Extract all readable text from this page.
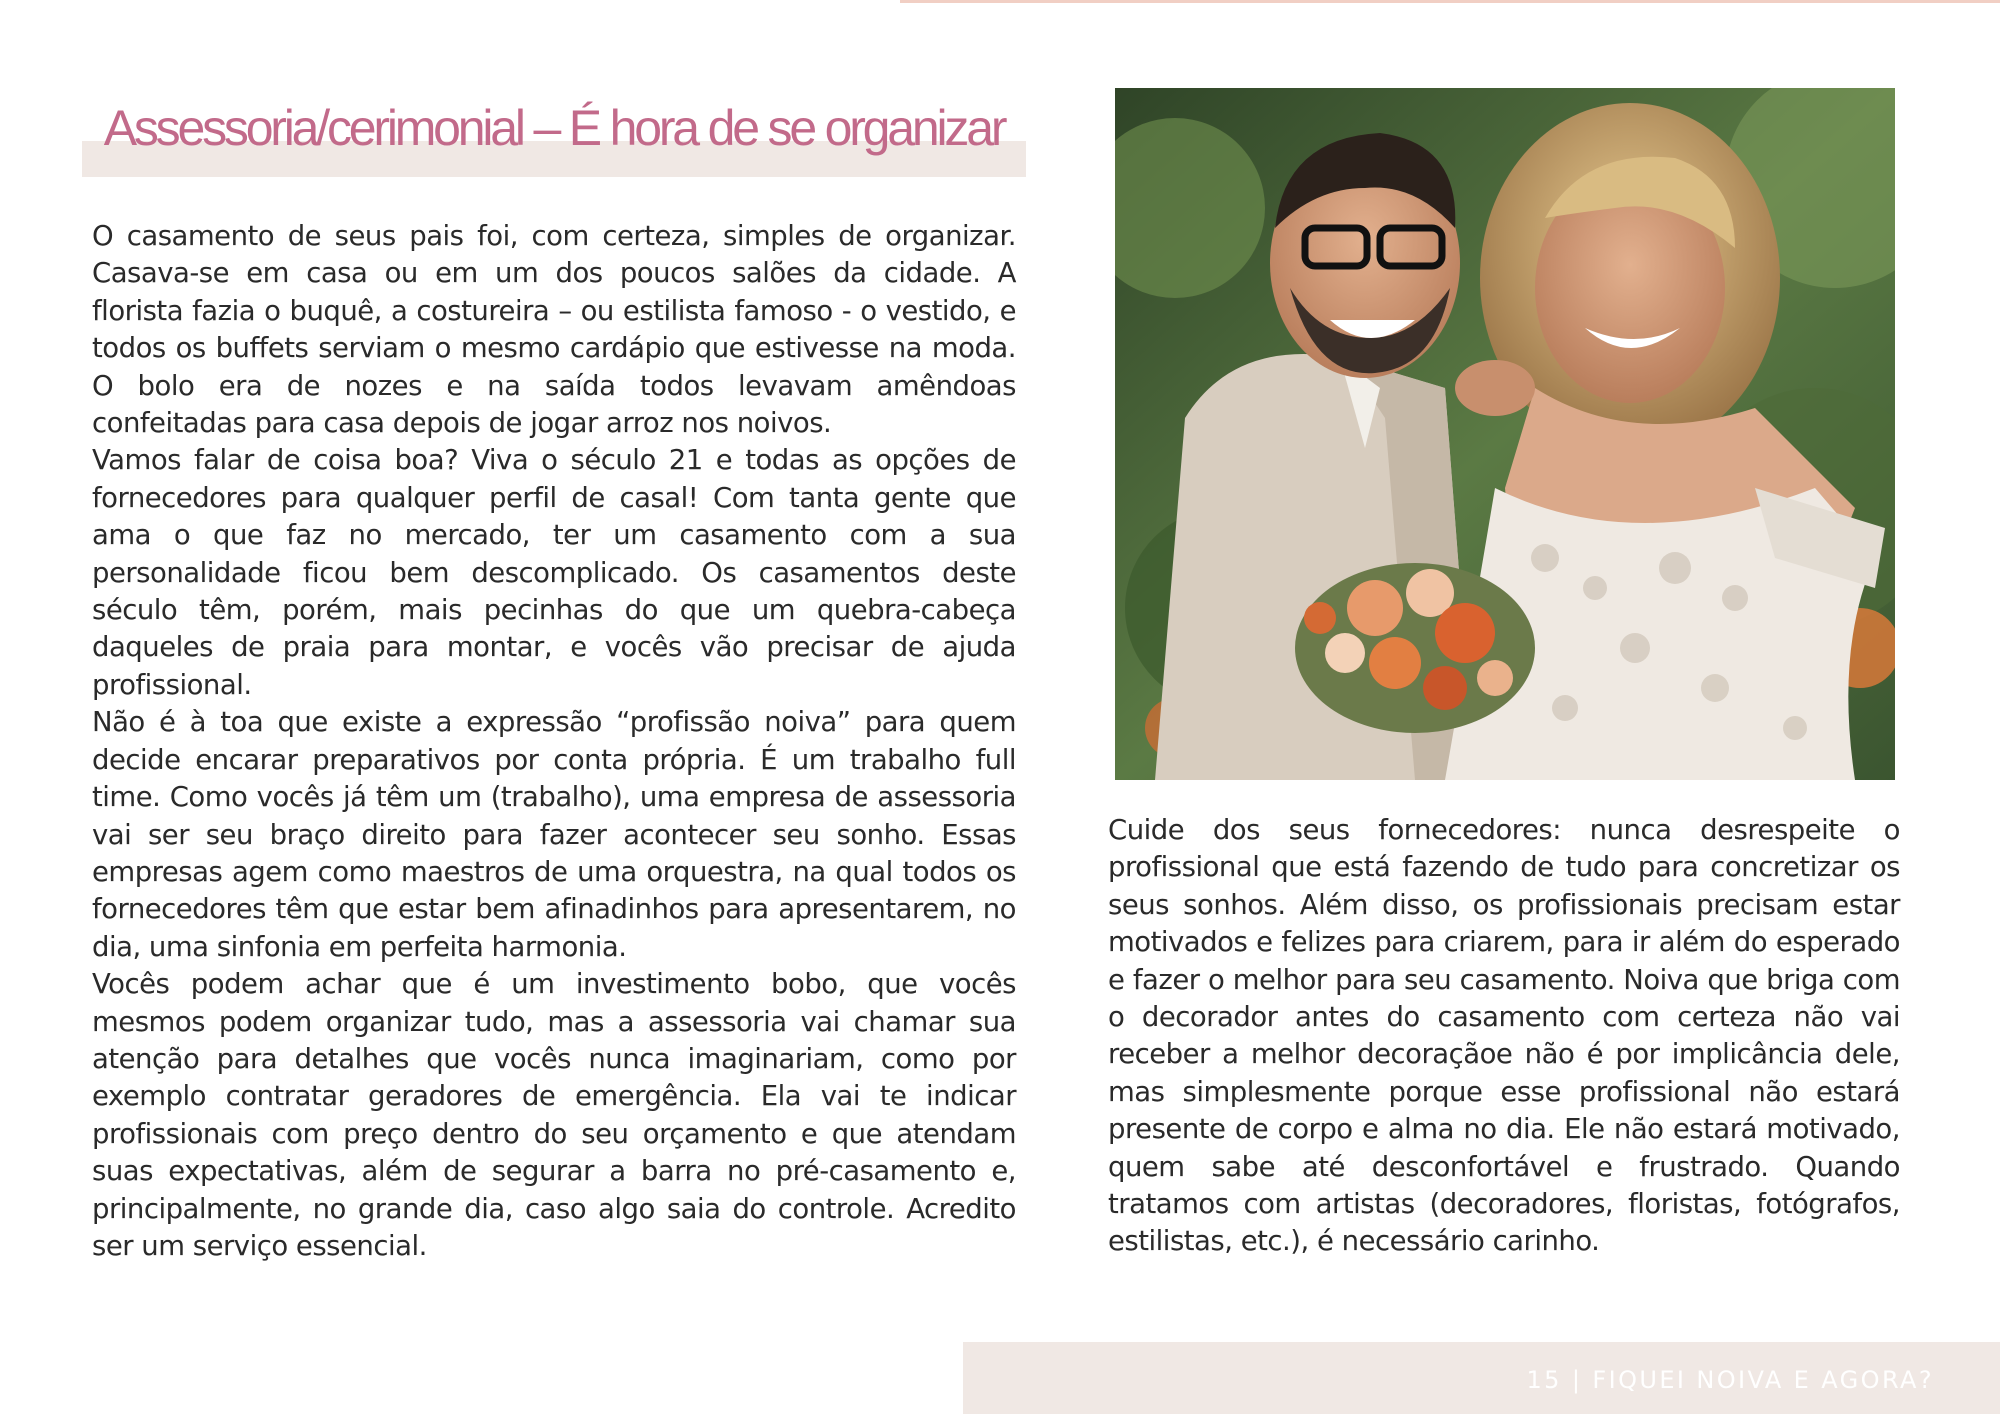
Assessoria/cerimonial – É hora de se organizar

O casamento de seus pais foi, com certeza, simples de organizar. Casava-se em casa ou em um dos poucos salões da cidade. A florista fazia o buquê, a costureira – ou estilista famoso - o vestido, e todos os buffets serviam o mesmo cardápio que estivesse na moda. O bolo era de nozes e na saída todos levavam amêndoas confeitadas para casa depois de jogar arroz nos noivos.

Vamos falar de coisa boa? Viva o século 21 e todas as opções de fornecedores para qualquer perfil de casal! Com tanta gente que ama o que faz no mercado, ter um casamento com a sua personalidade ficou bem descomplicado. Os casamentos deste século têm, porém, mais pecinhas do que um quebra-cabeça daqueles de praia para montar, e vocês vão precisar de ajuda profissional.

Não é à toa que existe a expressão “profissão noiva” para quem decide encarar preparativos por conta própria. É um trabalho full time. Como vocês já têm um (trabalho), uma empresa de assessoria vai ser seu braço direito para fazer acontecer seu sonho. Essas empresas agem como maestros de uma orquestra, na qual todos os fornecedores têm que estar bem afinadinhos para apresentarem, no dia, uma sinfonia em perfeita harmonia.

Vocês podem achar que é um investimento bobo, que vocês mesmos podem organizar tudo, mas a assessoria vai chamar sua atenção para detalhes que vocês nunca imaginariam, como por exemplo contratar geradores de emergência. Ela vai te indicar profissionais com preço dentro do seu orçamento e que atendam suas expectativas, além de segurar a barra no pré-casamento e, principalmente, no grande dia, caso algo saia do controle. Acredito ser um serviço essencial.

Cuide dos seus fornecedores: nunca desrespeite o profissional que está fazendo de tudo para concretizar os seus sonhos. Além disso, os profissionais precisam estar motivados e felizes para criarem, para ir além do esperado e fazer o melhor para seu casamento. Noiva que briga com o decorador antes do casamento com certeza não vai receber a melhor decoraçãoe não é por implicância dele, mas simplesmente porque esse profissional não estará presente de corpo e alma no dia. Ele não estará motivado, quem sabe até desconfortável e frustrado. Quando tratamos com artistas (decoradores, floristas, fotógrafos, estilistas, etc.), é necessário carinho.

15 | FIQUEI NOIVA E AGORA?
